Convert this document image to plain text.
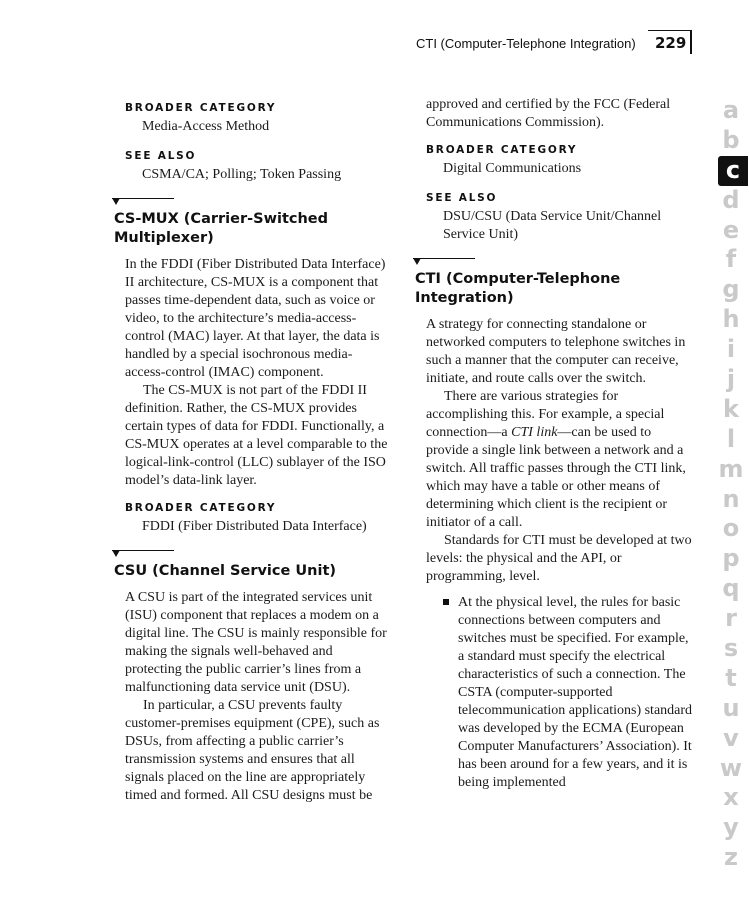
CTI (Computer-Telephone Integration)	229
BROADER CATEGORY
Media-Access Method
SEE ALSO
CSMA/CA; Polling; Token Passing
CS-MUX (Carrier-Switched Multiplexer)

In the FDDI (Fiber Distributed Data Interface) II architecture, CS-MUX is a component that passes time-dependent data, such as voice or video, to the architecture’s media-access-control (MAC) layer. At that layer, the data is handled by a special isochronous media-access-control (IMAC) component.

The CS-MUX is not part of the FDDI II definition. Rather, the CS-MUX provides certain types of data for FDDI. Functionally, a CS-MUX operates at a level comparable to the logical-link-control (LLC) sublayer of the ISO model’s data-link layer.

BROADER CATEGORY
FDDI (Fiber Distributed Data Interface)
CSU (Channel Service Unit)

A CSU is part of the integrated services unit (ISU) component that replaces a modem on a digital line. The CSU is mainly responsible for making the signals well-behaved and protecting the public carrier’s lines from a malfunctioning data service unit (DSU).

In particular, a CSU prevents faulty customer-premises equipment (CPE), such as DSUs, from affecting a public carrier’s transmission systems and ensures that all signals placed on the line are appropriately timed and formed. All CSU designs must be

approved and certified by the FCC (Federal Communications Commission).

BROADER CATEGORY
Digital Communications
SEE ALSO
DSU/CSU (Data Service Unit/Channel Service Unit)
CTI (Computer-Telephone Integration)

A strategy for connecting standalone or networked computers to telephone switches in such a manner that the computer can receive, initiate, and route calls over the switch.

There are various strategies for accomplishing this. For example, a special connection—a CTI link—can be used to provide a single link between a network and a switch. All traffic passes through the CTI link, which may have a table or other means of determining which client is the recipient or initiator of a call.

Standards for CTI must be developed at two levels: the physical and the API, or programming, level.

At the physical level, the rules for basic connections between computers and switches must be specified. For example, a standard must specify the electrical characteristics of such a connection. The CSTA (computer-supported telecommunication applications) standard was developed by the ECMA (European Computer Manufacturers’ Association). It has been around for a few years, and it is being implemented
a
b
c
d
e
f
g
h
i
j
k
l
m
n
o
p
q
r
s
t
u
v
w
x
y
z
